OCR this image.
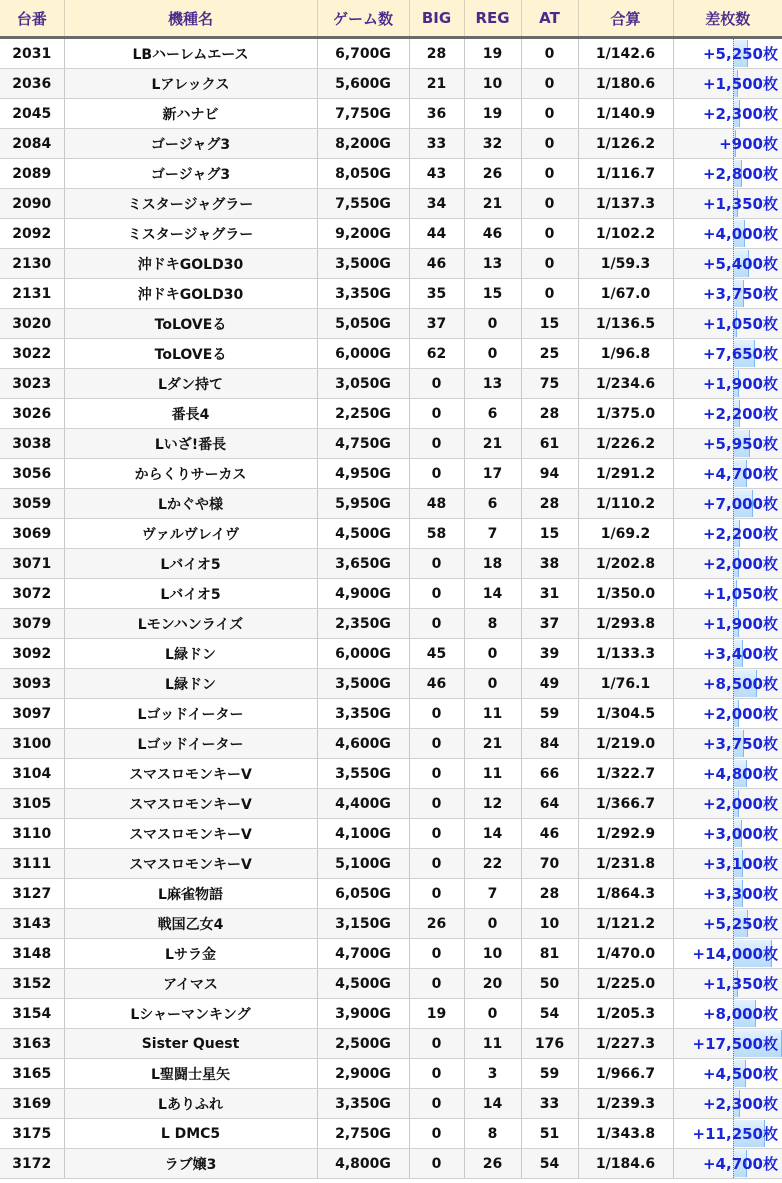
台番	機種名	ゲーム数	BIG	REG	AT	合算	差枚数
2031	LBハーレムエース	6,700G	28	19	0	1/142.6	+5,250枚
2036	Lアレックス	5,600G	21	10	0	1/180.6	+1,500枚
2045	新ハナビ	7,750G	36	19	0	1/140.9	+2,300枚
2084	ゴージャグ3	8,200G	33	32	0	1/126.2	+900枚
2089	ゴージャグ3	8,050G	43	26	0	1/116.7	+2,800枚
2090	ミスタージャグラー	7,550G	34	21	0	1/137.3	+1,350枚
2092	ミスタージャグラー	9,200G	44	46	0	1/102.2	+4,000枚
2130	沖ドキGOLD30	3,500G	46	13	0	1/59.3	+5,400枚
2131	沖ドキGOLD30	3,350G	35	15	0	1/67.0	+3,750枚
3020	ToLOVEる	5,050G	37	0	15	1/136.5	+1,050枚
3022	ToLOVEる	6,000G	62	0	25	1/96.8	+7,650枚
3023	Lダン持て	3,050G	0	13	75	1/234.6	+1,900枚
3026	番長4	2,250G	0	6	28	1/375.0	+2,200枚
3038	Lいざ!番長	4,750G	0	21	61	1/226.2	+5,950枚
3056	からくりサーカス	4,950G	0	17	94	1/291.2	+4,700枚
3059	Lかぐや様	5,950G	48	6	28	1/110.2	+7,000枚
3069	ヴァルヴレイヴ	4,500G	58	7	15	1/69.2	+2,200枚
3071	Lバイオ5	3,650G	0	18	38	1/202.8	+2,000枚
3072	Lバイオ5	4,900G	0	14	31	1/350.0	+1,050枚
3079	Lモンハンライズ	2,350G	0	8	37	1/293.8	+1,900枚
3092	L緑ドン	6,000G	45	0	39	1/133.3	+3,400枚
3093	L緑ドン	3,500G	46	0	49	1/76.1	+8,500枚
3097	Lゴッドイーター	3,350G	0	11	59	1/304.5	+2,000枚
3100	Lゴッドイーター	4,600G	0	21	84	1/219.0	+3,750枚
3104	スマスロモンキーV	3,550G	0	11	66	1/322.7	+4,800枚
3105	スマスロモンキーV	4,400G	0	12	64	1/366.7	+2,000枚
3110	スマスロモンキーV	4,100G	0	14	46	1/292.9	+3,000枚
3111	スマスロモンキーV	5,100G	0	22	70	1/231.8	+3,100枚
3127	L麻雀物語	6,050G	0	7	28	1/864.3	+3,300枚
3143	戦国乙女4	3,150G	26	0	10	1/121.2	+5,250枚
3148	Lサラ金	4,700G	0	10	81	1/470.0	+14,000枚
3152	アイマス	4,500G	0	20	50	1/225.0	+1,350枚
3154	Lシャーマンキング	3,900G	19	0	54	1/205.3	+8,000枚
3163	Sister Quest	2,500G	0	11	176	1/227.3	+17,500枚
3165	L聖闘士星矢	2,900G	0	3	59	1/966.7	+4,500枚
3169	Lありふれ	3,350G	0	14	33	1/239.3	+2,300枚
3175	L DMC5	2,750G	0	8	51	1/343.8	+11,250枚
3172	ラブ嬢3	4,800G	0	26	54	1/184.6	+4,700枚
